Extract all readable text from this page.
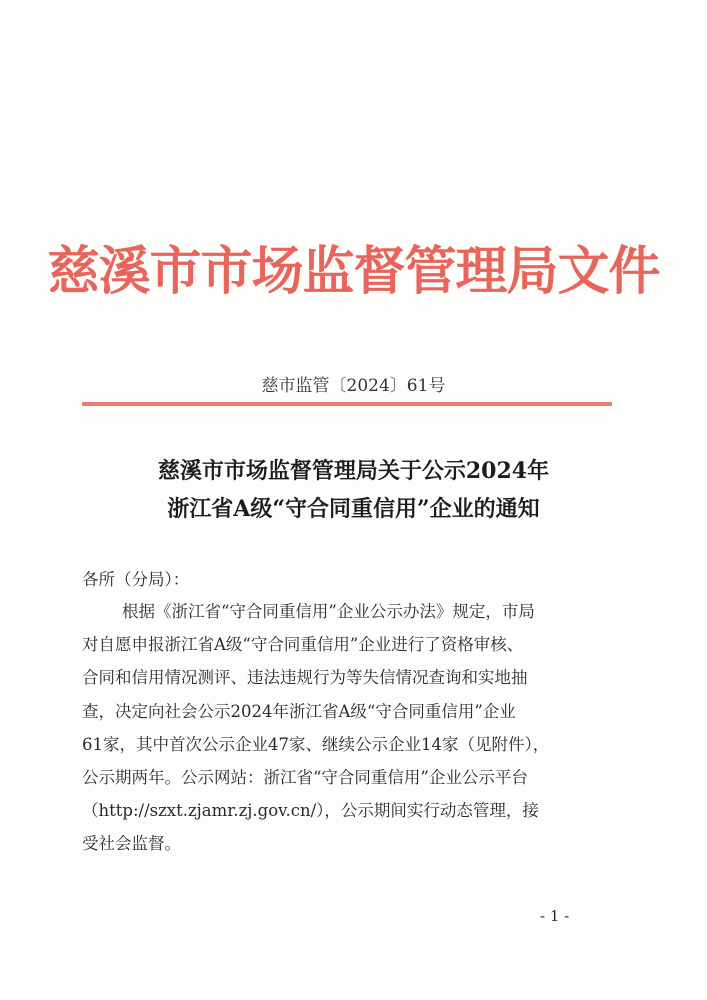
慈溪市市场监督管理局文件
慈市监管〔2024〕61号
慈溪市市场监督管理局关于公示2024年
浙江省A级“守合同重信用”企业的通知
各所（分局）：

根据《浙江省“守合同重信用”企业公示办法》规定，市局
对自愿申报浙江省A级“守合同重信用”企业进行了资格审核、
合同和信用情况测评、违法违规行为等失信情况查询和实地抽
查，决定向社会公示2024年浙江省A级“守合同重信用”企业
61家，其中首次公示企业47家、继续公示企业14家（见附件），
公示期两年。公示网站：浙江省“守合同重信用”企业公示平台
（http://szxt.zjamr.zj.gov.cn/），公示期间实行动态管理，接
受社会监督。

- 1 -
